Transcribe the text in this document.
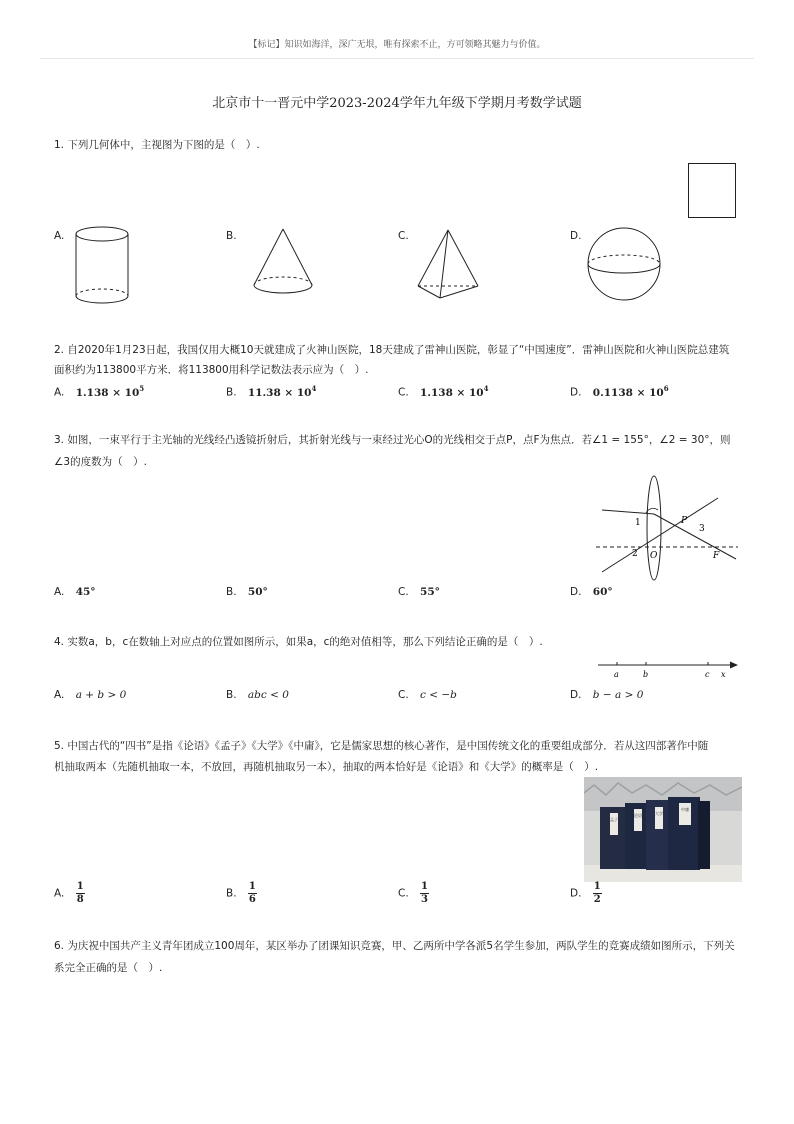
【标记】知识如海洋，深广无垠，唯有探索不止，方可领略其魅力与价值。
北京市十一晋元中学2023-2024学年九年级下学期月考数学试题
1. 下列几何体中，主视图为下图的是（　）.
A.	B.	C.	D.
2. 自2020年1月23日起，我国仅用大概10天就建成了火神山医院，18天建成了雷神山医院，彰显了“中国速度”．雷神山医院和火神山医院总建筑
面积约为113800平方米．将113800用科学记数法表示应为（　）.
A. $1.138 \times 10^5$	B. $11.38 \times 10^4$	C. $1.138 \times 10^4$	D. $0.1138 \times 10^6$
3. 如图，一束平行于主光轴的光线经凸透镜折射后，其折射光线与一束经过光心O的光线相交于点P，点F为焦点．若∠1 = 155°，∠2 = 30°，则
∠3的度数为（　）.
1
2
3
P
O	F
A. 45°	B. 50°	C. 55°	D. 60°
4. 实数a，b，c在数轴上对应点的位置如图所示，如果a，c的绝对值相等，那么下列结论正确的是（　）.
a	b	c x
A. a + b > 0	B. abc < 0	C. c < −b	D. b − a > 0
5. 中国古代的“四书”是指《论语》《孟子》《大学》《中庸》，它是儒家思想的核心著作，是中国传统文化的重要组成部分．若从这四部著作中随
机抽取两本（先随机抽取一本，不放回，再随机抽取另一本），抽取的两本恰好是《论语》和《大学》的概率是（　）.
孟子
论语	大学
中庸
A. $\frac{1}{8}$	B. $\frac{1}{6}$	C. $\frac{1}{3}$	D. $\frac{1}{2}$
6. 为庆祝中国共产主义青年团成立100周年，某区举办了团课知识竞赛，甲、乙两所中学各派5名学生参加，两队学生的竞赛成绩如图所示，下列关
系完全正确的是（　）.
